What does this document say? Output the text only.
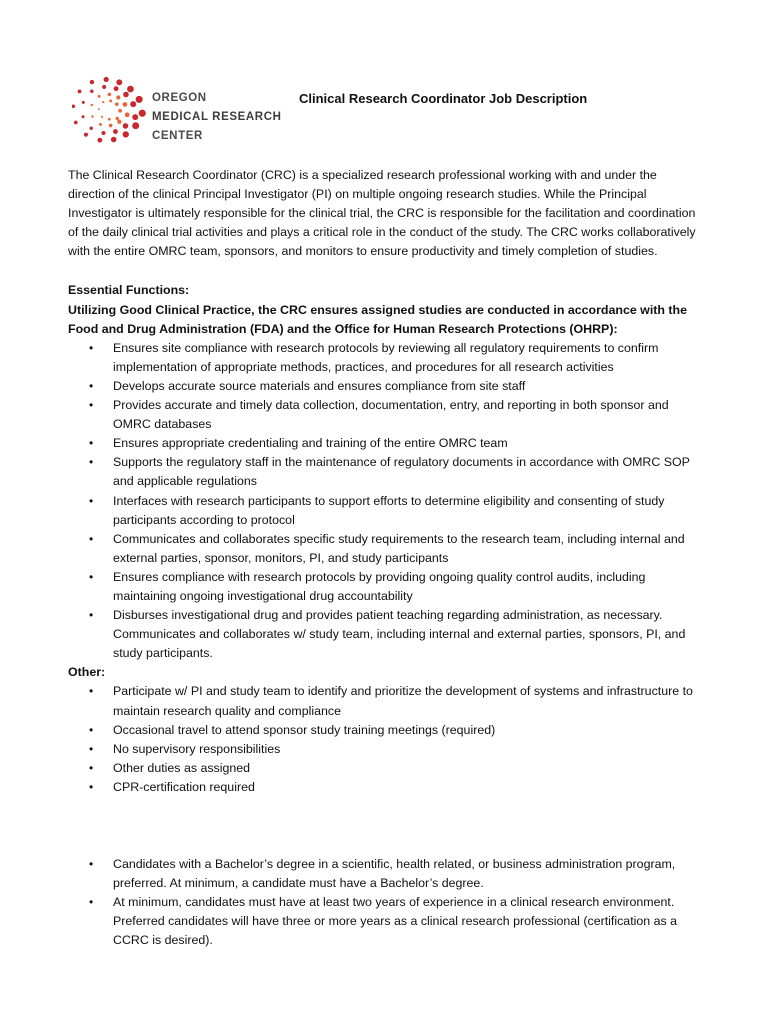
OREGON
MEDICAL RESEARCH
CENTER
Clinical Research Coordinator Job Description

The Clinical Research Coordinator (CRC) is a specialized research professional working with and under the direction of the clinical Principal Investigator (PI) on multiple ongoing research studies. While the Principal Investigator is ultimately responsible for the clinical trial, the CRC is responsible for the facilitation and coordination of the daily clinical trial activities and plays a critical role in the conduct of the study. The CRC works collaboratively with the entire OMRC team, sponsors, and monitors to ensure productivity and timely completion of studies.

Essential Functions:

Utilizing Good Clinical Practice, the CRC ensures assigned studies are conducted in accordance with the Food and Drug Administration (FDA) and the Office for Human Research Protections (OHRP):

• Ensures site compliance with research protocols by reviewing all regulatory requirements to confirm implementation of appropriate methods, practices, and procedures for all research activities
• Develops accurate source materials and ensures compliance from site staff
• Provides accurate and timely data collection, documentation, entry, and reporting in both sponsor and OMRC databases
• Ensures appropriate credentialing and training of the entire OMRC team
• Supports the regulatory staff in the maintenance of regulatory documents in accordance with OMRC SOP and applicable regulations
• Interfaces with research participants to support efforts to determine eligibility and consenting of study participants according to protocol
• Communicates and collaborates specific study requirements to the research team, including internal and external parties, sponsor, monitors, PI, and study participants
• Ensures compliance with research protocols by providing ongoing quality control audits, including maintaining ongoing investigational drug accountability
• Disburses investigational drug and provides patient teaching regarding administration, as necessary. Communicates and collaborates w/ study team, including internal and external parties, sponsors, PI, and study participants.

Other:

• Participate w/ PI and study team to identify and prioritize the development of systems and infrastructure to maintain research quality and compliance
• Occasional travel to attend sponsor study training meetings (required)
• No supervisory responsibilities
• Other duties as assigned
• CPR-certification required
• Candidates with a Bachelor’s degree in a scientific, health related, or business administration program, preferred. At minimum, a candidate must have a Bachelor’s degree.
• At minimum, candidates must have at least two years of experience in a clinical research environment. Preferred candidates will have three or more years as a clinical research professional (certification as a CCRC is desired).
